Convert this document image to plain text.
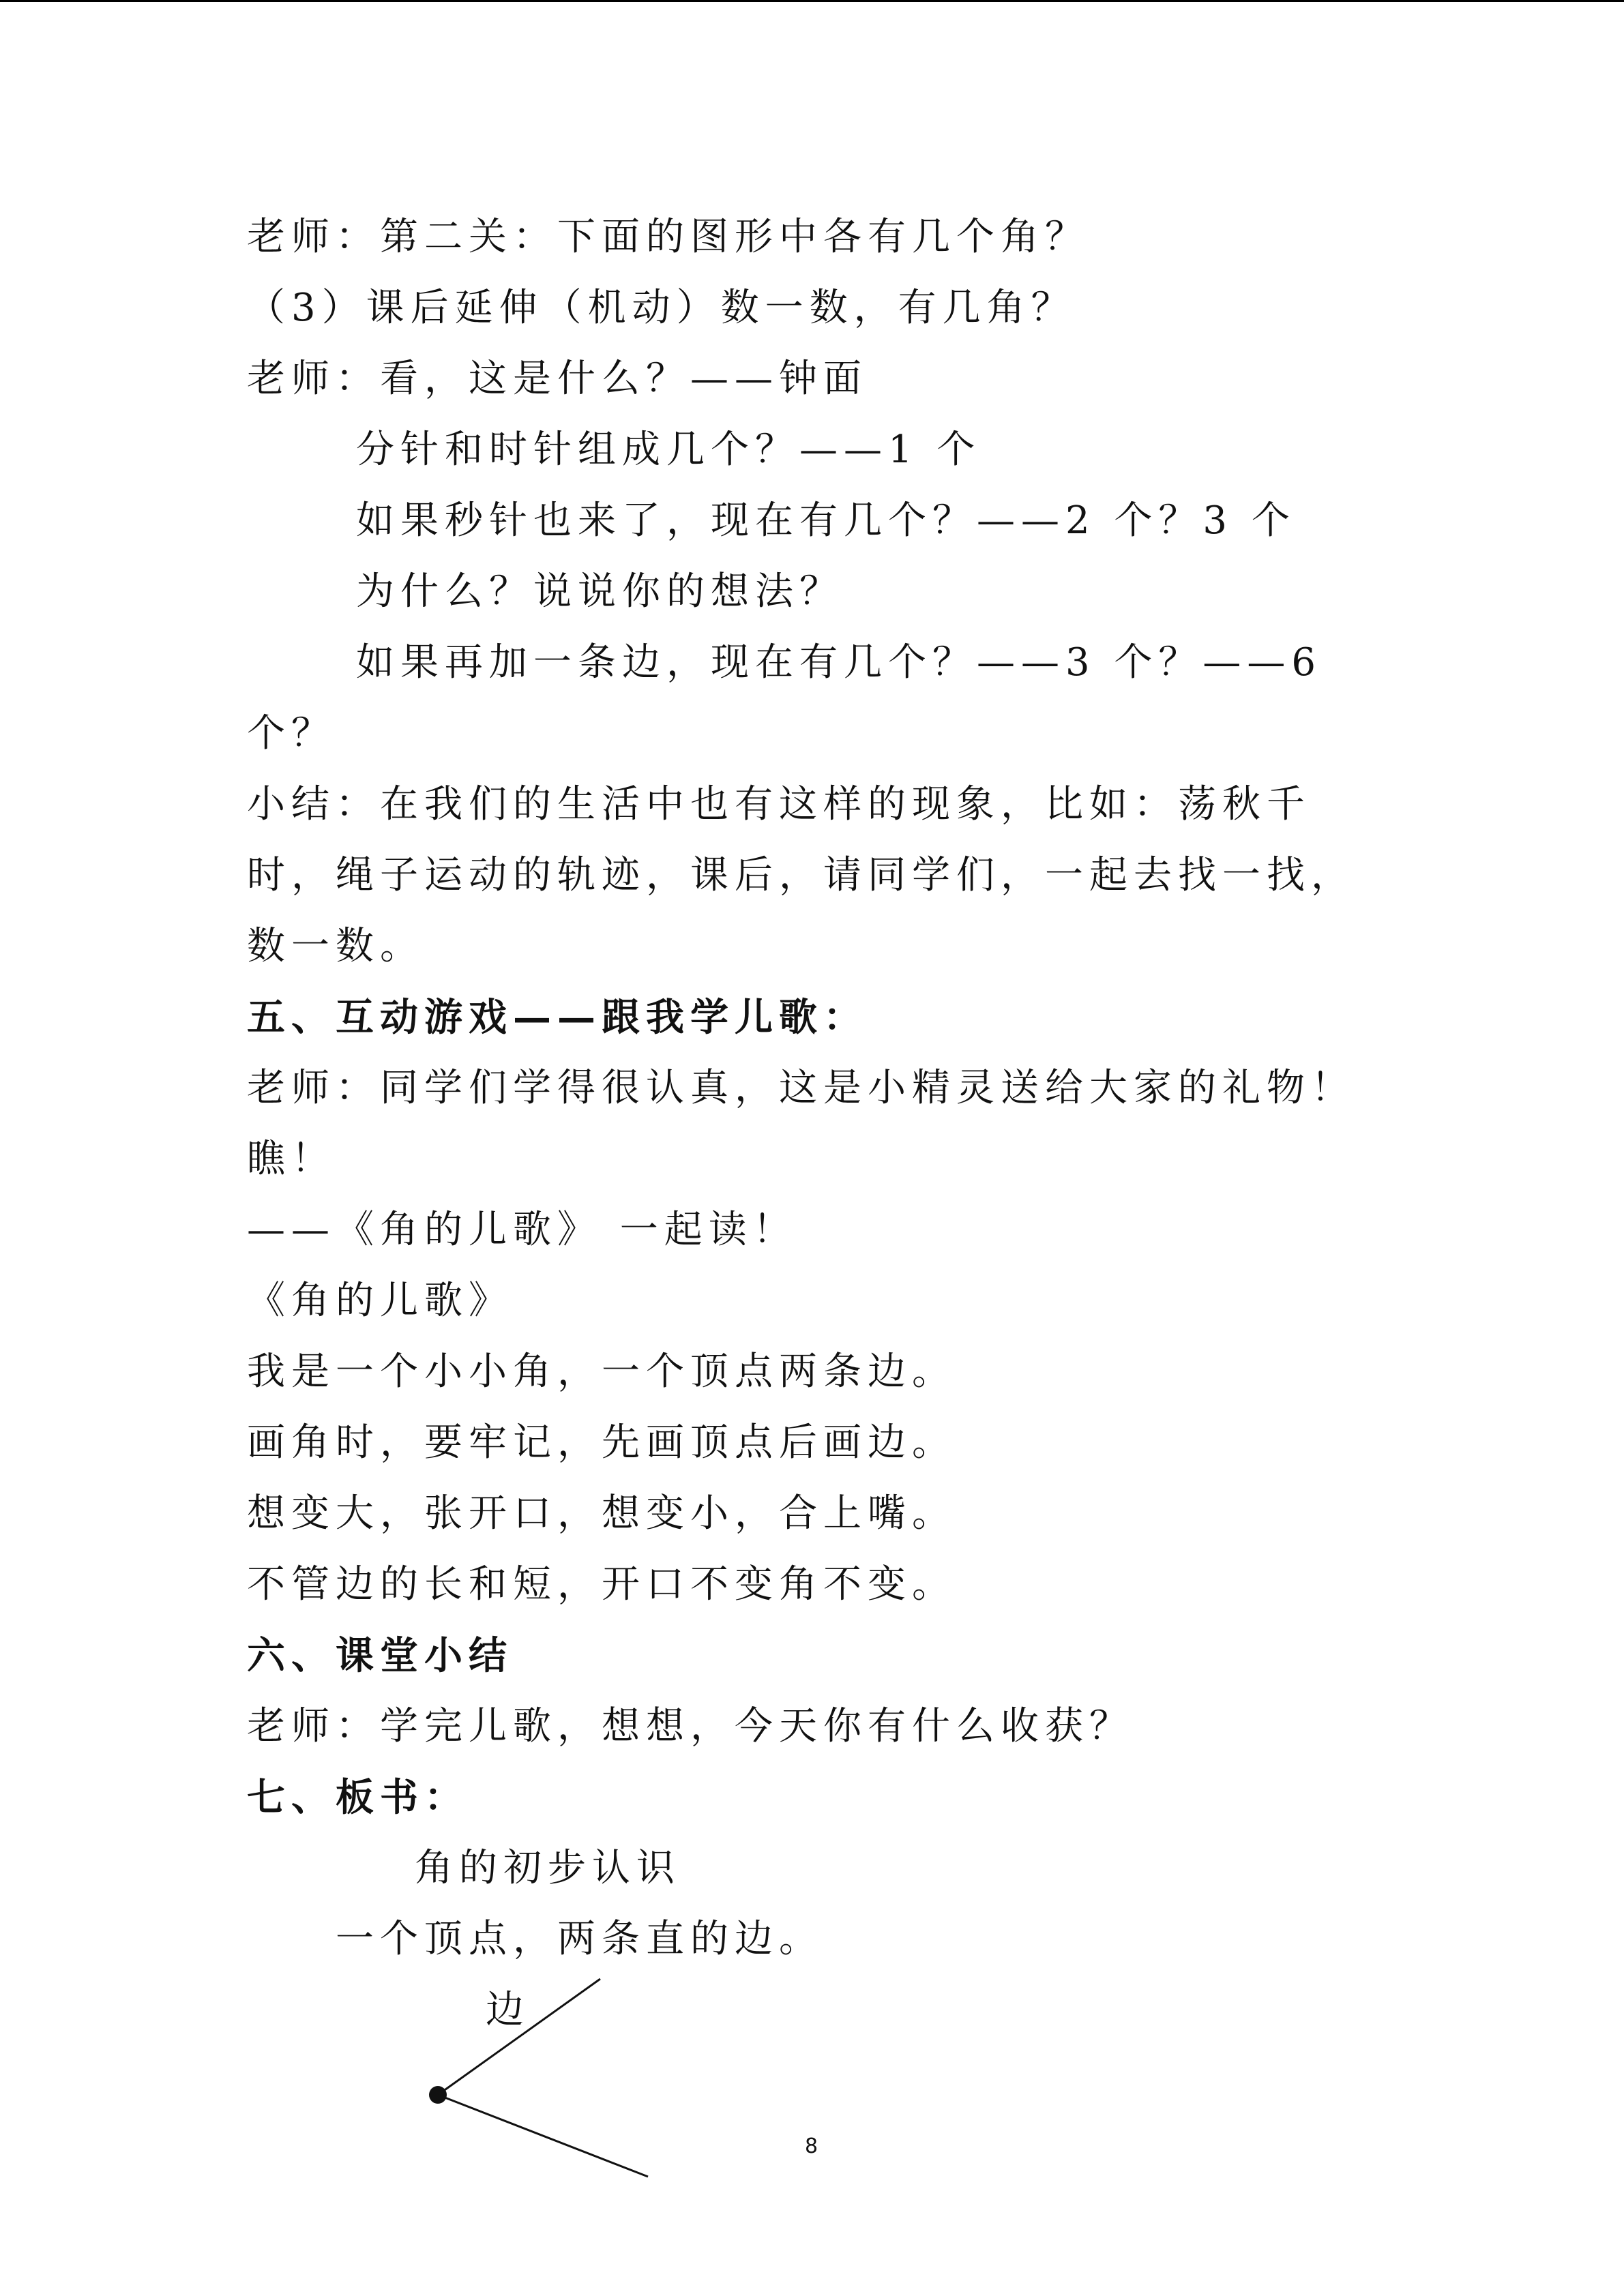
老师：第二关：下面的图形中各有几个角？
（3）课后延伸（机动）数一数，有几角？
老师：看，这是什么？——钟面
分针和时针组成几个？——1 个
如果秒针也来了，现在有几个？——2 个？3 个
为什么？说说你的想法？
如果再加一条边，现在有几个？——3 个？——6
个？
小结：在我们的生活中也有这样的现象，比如：荡秋千
时，绳子运动的轨迹，课后，请同学们，一起去找一找，
数一数。
五、互动游戏——跟我学儿歌：
老师：同学们学得很认真，这是小精灵送给大家的礼物！
瞧！
——《角的儿歌》 一起读！
《角的儿歌》
我是一个小小角，一个顶点两条边。
画角时，要牢记，先画顶点后画边。
想变大，张开口，想变小，合上嘴。
不管边的长和短，开口不变角不变。
六、课堂小结
老师：学完儿歌，想想，今天你有什么收获？
七、板书：
角的初步认识
一个顶点，两条直的边。
边
8
